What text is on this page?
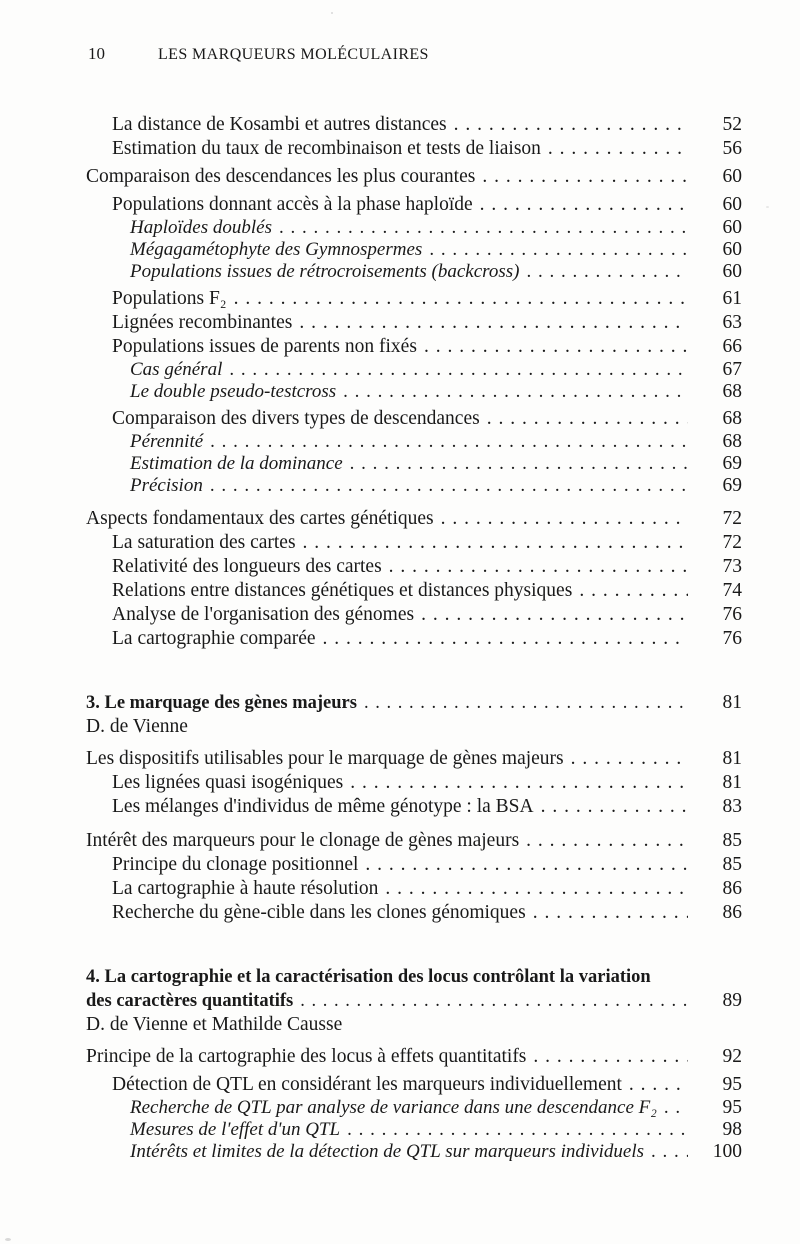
10	LES MARQUEURS MOLÉCULAIRES
La distance de Kosambi et autres distances . . .	52
Estimation du taux de recombinaison et tests de liaison . . .	56
Comparaison des descendances les plus courantes . . .	60
Populations donnant accès à la phase haploïde . . .	60
Haploïdes doublés . . .	60
Mégagamétophyte des Gymnospermes . . .	60
Populations issues de rétrocroisements (backcross) . . .	60
Populations F₂ . . .	61
Lignées recombinantes . . .	63
Populations issues de parents non fixés . . .	66
Cas général . . .	67
Le double pseudo-testcross . . .	68
Comparaison des divers types de descendances . . .	68
Pérennité . . .	68
Estimation de la dominance . . .	69
Précision . . .	69
Aspects fondamentaux des cartes génétiques . . .	72
La saturation des cartes . . .	72
Relativité des longueurs des cartes . . .	73
Relations entre distances génétiques et distances physiques . . .	74
Analyse de l'organisation des génomes . . .	76
La cartographie comparée . . .	76
3. Le marquage des gènes majeurs . . .	81
D. de Vienne
Les dispositifs utilisables pour le marquage de gènes majeurs . . .	81
Les lignées quasi isogéniques . . .	81
Les mélanges d'individus de même génotype : la BSA . . .	83
Intérêt des marqueurs pour le clonage de gènes majeurs . . .	85
Principe du clonage positionnel . . .	85
La cartographie à haute résolution . . .	86
Recherche du gène-cible dans les clones génomiques . . .	86
4. La cartographie et la caractérisation des locus contrôlant la variation
des caractères quantitatifs . . .	89
D. de Vienne et Mathilde Causse
Principe de la cartographie des locus à effets quantitatifs . . .	92
Détection de QTL en considérant les marqueurs individuellement . . .	95
Recherche de QTL par analyse de variance dans une descendance F₂ . . .	95
Mesures de l'effet d'un QTL . . .	98
Intérêts et limites de la détection de QTL sur marqueurs individuels . . .	100
